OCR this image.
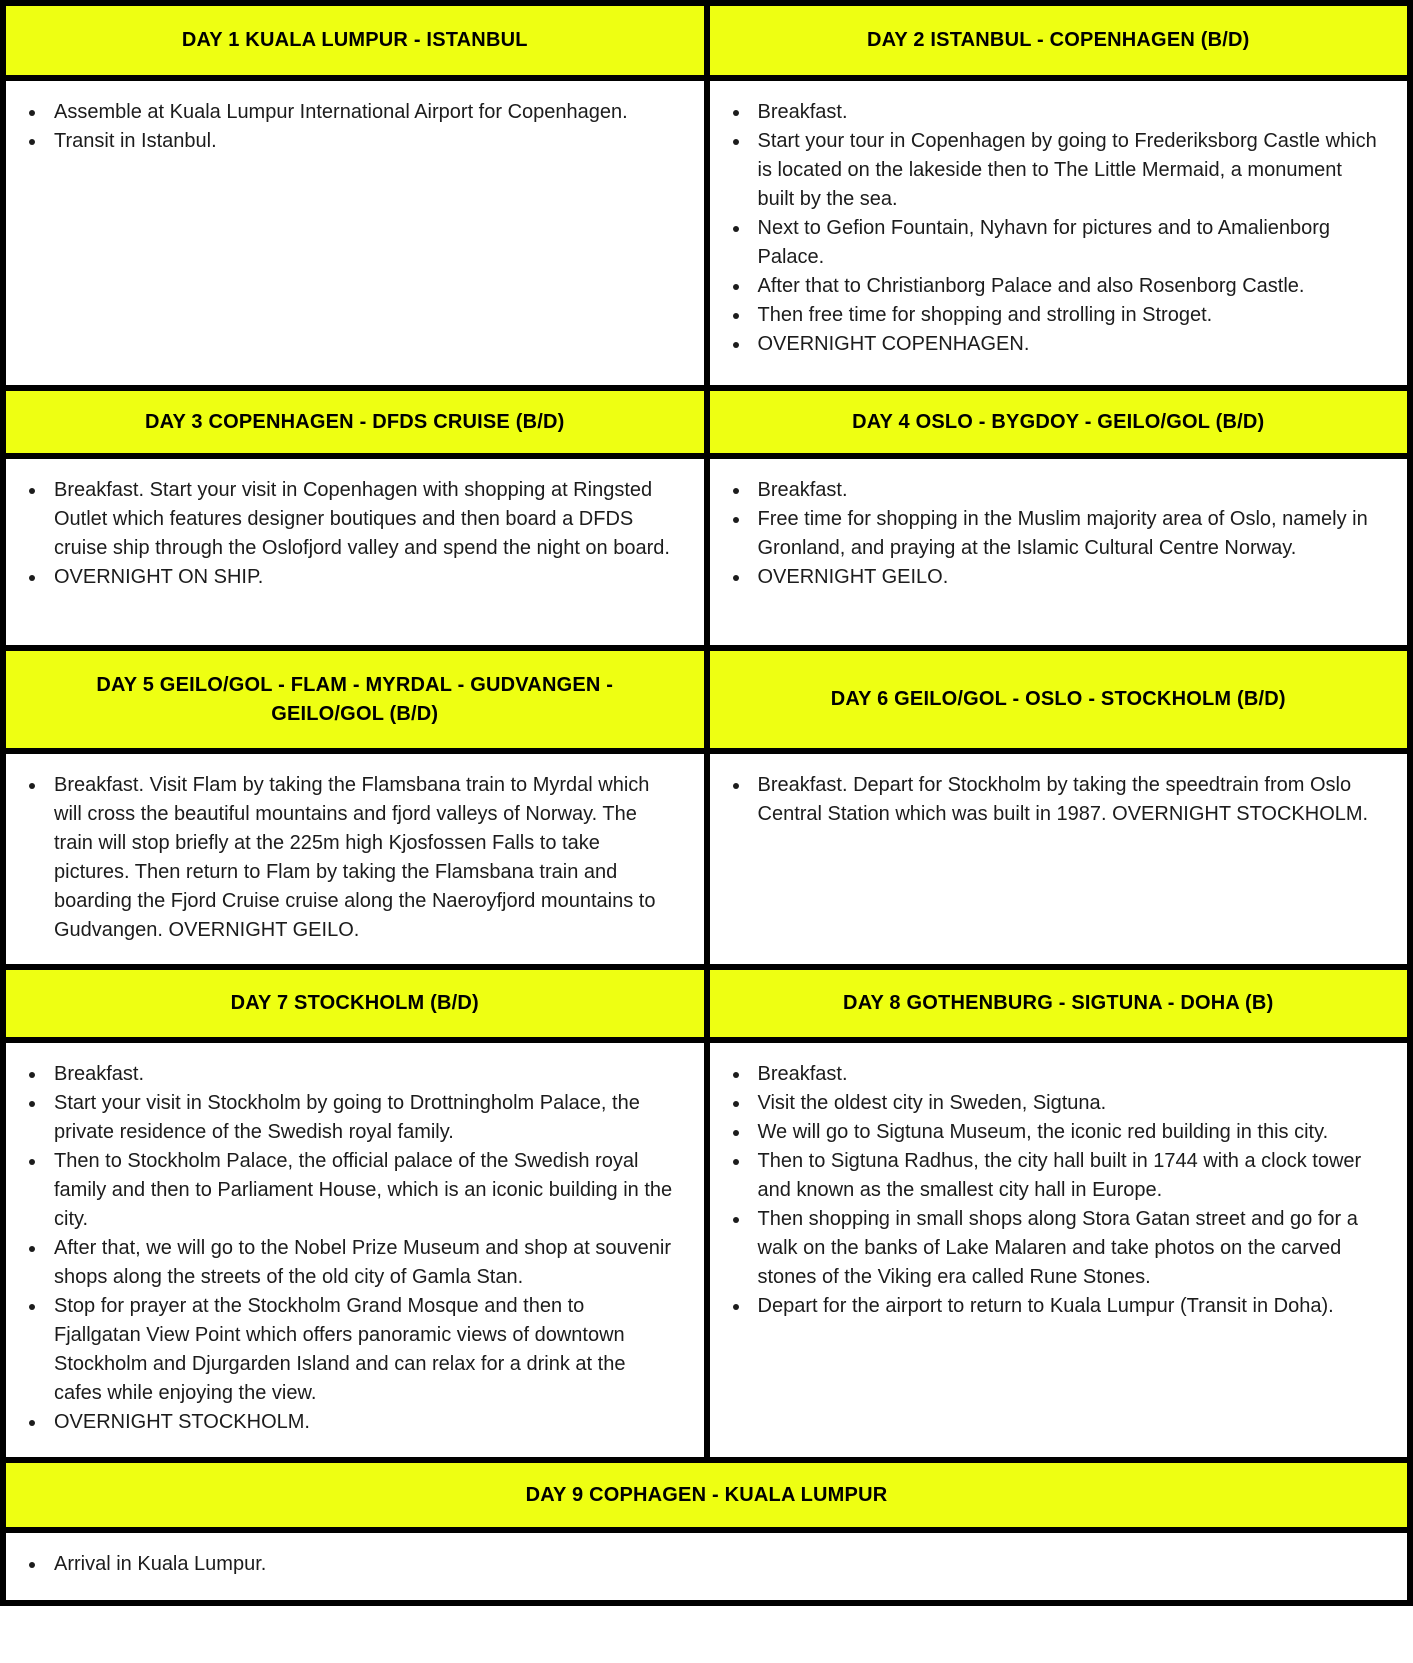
DAY 1 KUALA LUMPUR - ISTANBUL	DAY 2 ISTANBUL - COPENHAGEN (B/D)

• Assemble at Kuala Lumpur International Airport for Copenhagen.
• Transit in Istanbul.

• Breakfast.
• Start your tour in Copenhagen by going to Frederiksborg Castle which is located on the lakeside then to The Little Mermaid, a monument built by the sea.
• Next to Gefion Fountain, Nyhavn for pictures and to Amalienborg Palace.
• After that to Christianborg Palace and also Rosenborg Castle.
• Then free time for shopping and strolling in Stroget.
• OVERNIGHT COPENHAGEN.

DAY 3 COPENHAGEN - DFDS CRUISE (B/D)	DAY 4 OSLO - BYGDOY - GEILO/GOL (B/D)

• Breakfast. Start your visit in Copenhagen with shopping at Ringsted Outlet which features designer boutiques and then board a DFDS cruise ship through the Oslofjord valley and spend the night on board.
• OVERNIGHT ON SHIP.

• Breakfast.
• Free time for shopping in the Muslim majority area of Oslo, namely in Gronland, and praying at the Islamic Cultural Centre Norway.
• OVERNIGHT GEILO.

DAY 5 GEILO/GOL - FLAM - MYRDAL - GUDVANGEN - GEILO/GOL (B/D)	DAY 6 GEILO/GOL - OSLO - STOCKHOLM (B/D)

• Breakfast. Visit Flam by taking the Flamsbana train to Myrdal which will cross the beautiful mountains and fjord valleys of Norway. The train will stop briefly at the 225m high Kjosfossen Falls to take pictures. Then return to Flam by taking the Flamsbana train and boarding the Fjord Cruise cruise along the Naeroyfjord mountains to Gudvangen. OVERNIGHT GEILO.

• Breakfast. Depart for Stockholm by taking the speedtrain from Oslo Central Station which was built in 1987. OVERNIGHT STOCKHOLM.

DAY 7 STOCKHOLM (B/D)	DAY 8 GOTHENBURG - SIGTUNA - DOHA (B)

• Breakfast.
• Start your visit in Stockholm by going to Drottningholm Palace, the private residence of the Swedish royal family.
• Then to Stockholm Palace, the official palace of the Swedish royal family and then to Parliament House, which is an iconic building in the city.
• After that, we will go to the Nobel Prize Museum and shop at souvenir shops along the streets of the old city of Gamla Stan.
• Stop for prayer at the Stockholm Grand Mosque and then to Fjallgatan View Point which offers panoramic views of downtown Stockholm and Djurgarden Island and can relax for a drink at the cafes while enjoying the view.
• OVERNIGHT STOCKHOLM.

• Breakfast.
• Visit the oldest city in Sweden, Sigtuna.
• We will go to Sigtuna Museum, the iconic red building in this city.
• Then to Sigtuna Radhus, the city hall built in 1744 with a clock tower and known as the smallest city hall in Europe.
• Then shopping in small shops along Stora Gatan street and go for a walk on the banks of Lake Malaren and take photos on the carved stones of the Viking era called Rune Stones.
• Depart for the airport to return to Kuala Lumpur (Transit in Doha).

DAY 9 COPHAGEN - KUALA LUMPUR	

• Arrival in Kuala Lumpur.
